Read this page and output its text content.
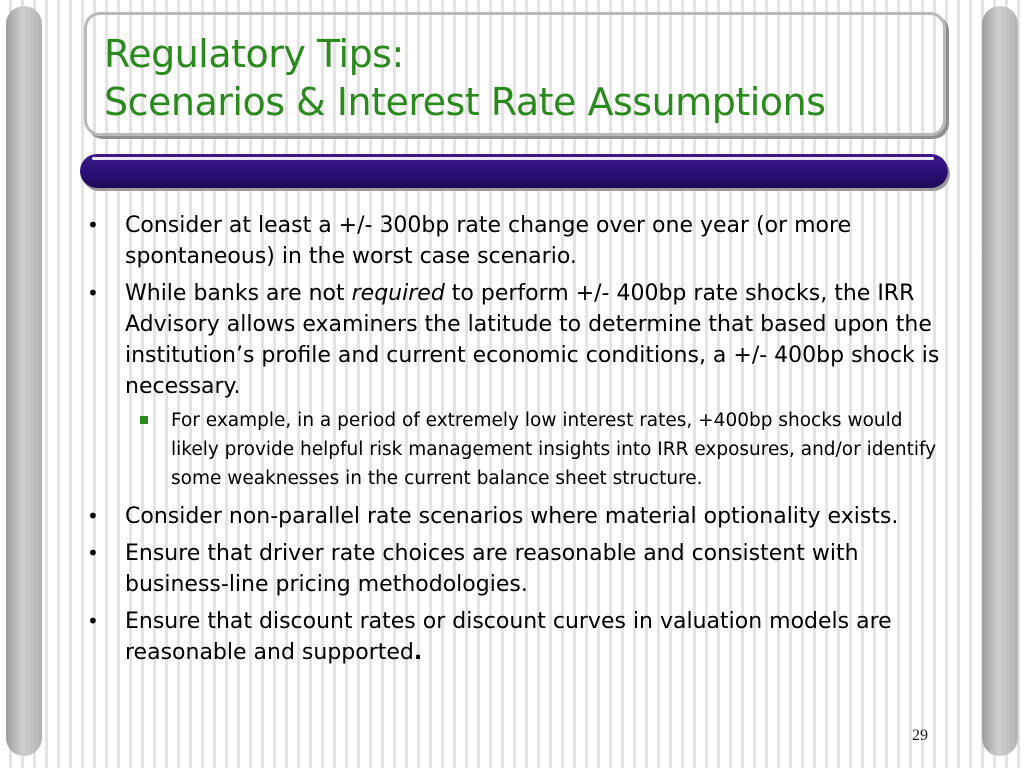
Regulatory Tips:
Scenarios & Interest Rate Assumptions
• Consider at least a +/- 300bp rate change over one year (or more spontaneous) in the worst case scenario.
• While banks are not required to perform +/- 400bp rate shocks, the IRR Advisory allows examiners the latitude to determine that based upon the institution’s profile and current economic conditions, a +/- 400bp shock is necessary.
For example, in a period of extremely low interest rates, +400bp shocks would likely provide helpful risk management insights into IRR exposures, and/or identify some weaknesses in the current balance sheet structure.
• Consider non-parallel rate scenarios where material optionality exists.
• Ensure that driver rate choices are reasonable and consistent with business-line pricing methodologies.
• Ensure that discount rates or discount curves in valuation models are reasonable and supported.
29
